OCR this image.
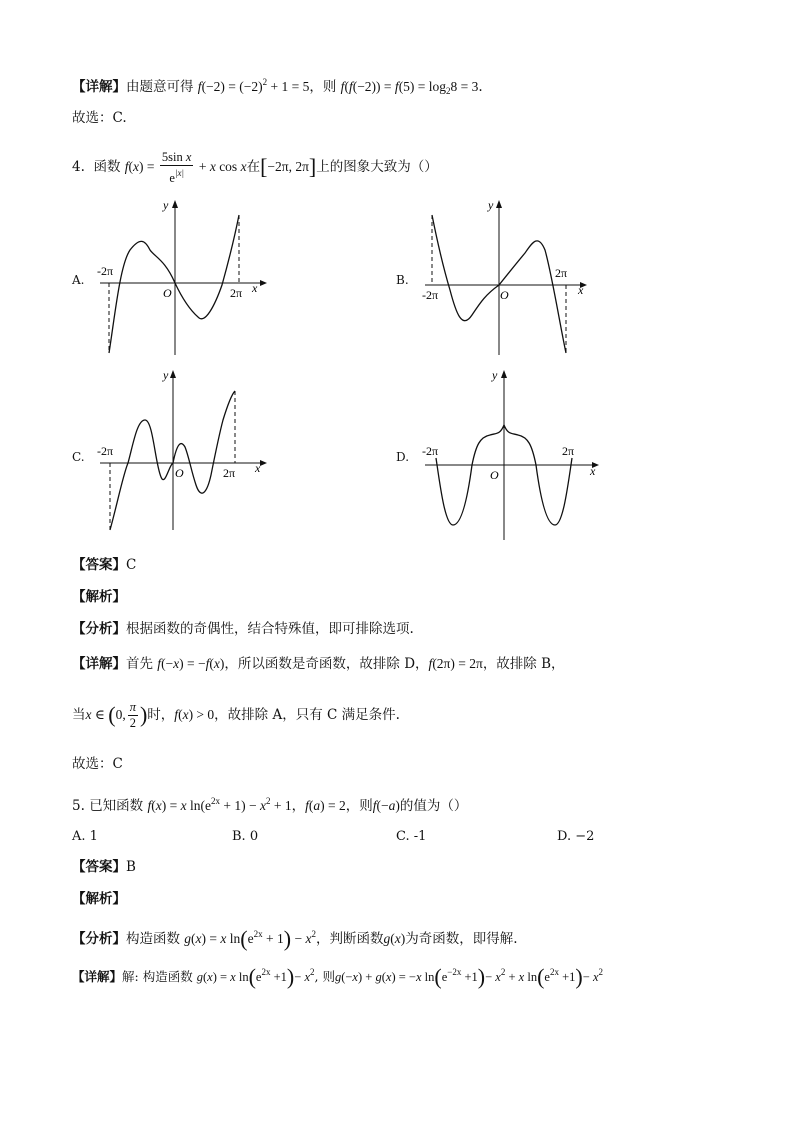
【详解】由题意可得 $f(-2) = (-2)^2 + 1 = 5$，则 $f(f(-2)) = f(5) = \log_28 = 3$.
故选：C.
4. 函数 $f(x) = \frac{\text{5sin x}}{e^{|x|}} + x$ cos x在[−2π, 2π]上的图象大致为（）
A.
-2π
2π
O	x
y
B.
-2π
2π
O	x
y
C. -2π
2π
O	x
y
D. -2π	2π
O	x
y
【答案】C
【解析】
【分析】根据函数的奇偶性，结合特殊值，即可排除选项.
【详解】首先 f(−x) = −f(x)，所以函数是奇函数，故排除 D，f(2π) = 2π，故排除 B，
当x ∈ (0, $\frac{\pi}{2}$ )时，f(x) > 0，故排除 A，只有 C 满足条件.
故选：C
5. 已知函数 f(x) = x $\ln(e^{2x} + 1) - x^2 + 1$，f(a) = 2，则f(−a)的值为（）
A. 1	B. 0	C. -1	D. −2
【答案】B
【解析】
【分析】构造函数 g(x) = x $\ln(e^{2x} + 1) - x^2$，判断函数g(x)为奇函数，即得解.
【详解】解: 构造函数 g(x) = x $\ln(e^{2x} +1)- x^2$, 则g(−x) + g(x) = −x $\ln(e^{-2x} +1)- x^2 + x$ $\ln(e^{2x} +1)- x^2$
